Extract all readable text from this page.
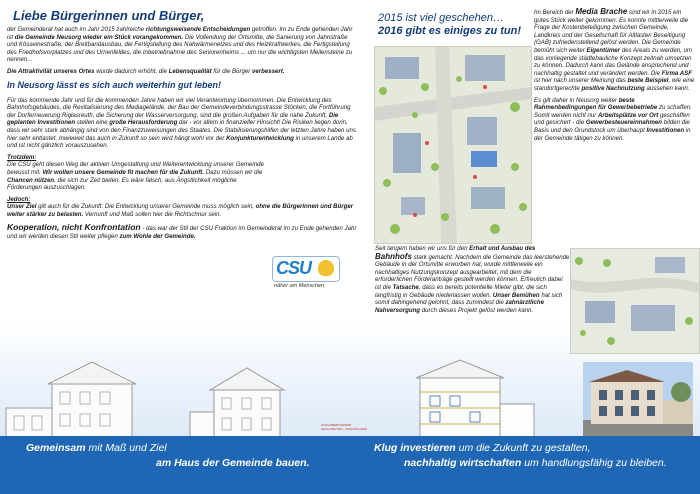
Liebe Bürgerinnen und Bürger,

der Gemeinderat hat auch im Jahr 2015 zahlreiche richtungsweisende Entscheidungen getroffen. Im zu Ende gehenden Jahr ist die Gemeinde Neusorg wieder ein Stück vorangekommen. Die Vollendung der Ortsmitte, die Sanierung von Jahnstraße und Kösseinestraße, der Breitbandausbau, die Fertigstellung des Nahwärmenetzes und des Heizkraftwerkes, die Fertigstellung des Friedhofsvorplatzes und des Urnenfeldes, die Inbetriebnahme des Seniorenheims ... um nur die wichtigsten Meilensteine zu nennen...

Die Attraktivität unseres Ortes wurde dadurch erhöht, die Lebensqualität für die Bürger verbessert.

In Neusorg lässt es sich auch weiterhin gut leben!

Für das kommende Jahr und für die kommenden Jahre haben wir viel Verantwortung übernommen. Die Entwicklung des Bahnhofsgebäudes, die Revitalisierung des Mediagelände, der Bau der Gemeindeverbindungsstrasse Stöcken, die Fortführung der Dorferneuerung Riglasreuth, die Sicherung der Wasserversorgung, sind die großen Aufgaben für die nahe Zukunft. Die geplanten Investitionen stellen eine große Herausforderung dar - vor allem in finanzieller Hinsicht! Die Risiken liegen dorin, dass wir sehr stark abhängig sind von den Finanzzuweisungen des Staates. Die Stabilisierungshilfen der letzten Jahre haben uns hier sehr entlastet. Inwieweit das auch in Zukunft so sein wird hängt wohl vor der Konjunkturentwicklung in unserem Lande ab und ist nicht gänzlich vorauszusehen.

Trotzdem:

Die CSU geht diesen Weg der aktiven Umgestaltung und Weiterentwicklung unserer Gemeinde bewusst mit. Wir wollen unsere Gemeinde fit machen für die Zukunft. Dazu müssen wir die Chancen nützen, die sich zur Zeit bieten. Es wäre falsch, aus Ängstlichkeit mögliche Förderungen auszuschlagen.

Jedoch:

Unser Ziel gilt auch für die Zukunft: Die Entwicklung unserer Gemeinde muss möglich sein, ohne die Bürgerinnen und Bürger weiter stärker zu belasten. Vernunft und Maß sollen hier die Richtschnur sein.

Kooperation, nicht Konfrontation - das war der Stil der CSU Fraktion im Gemeinderat im zu Ende gehenden Jahr und wir werden diesen Stil weiter pflegen zum Wohle der Gemeinde.

CSU
näher am Menschen.
2015 ist viel geschehen…
2016 gibt es einiges zu tun!

Seit langem haben wir uns für den Erhalt und Ausbau des Bahnhofs stark gemacht. Nachdem die Gemeinde das leerstehende Gebäude in der Ortsmitte erworben hat, wurde mittlerweile ein nachhaltiges Nutzungskonzept ausgearbeitet, mit dem die erforderlichen Förderanträge gestellt werden können. Erfreulich dabei ist die Tatsache, dass es bereits potentielle Mieter gibt, die sich langfristig in Gebäude niederlassen wollen. Unser Bemühen hat sich somit dahingehend gelohnt, dass zumindest die zahnärztliche Nahversorgung durch dieses Projekt gelöst werden kann.

Im Bereich der Media Brache sind wir in 2015 ein gutes Stück weiter gekommen. Es konnte mittlerweile die Frage der Kostenbeteiligung zwischen Gemeinde, Landkreis und der Gesellschaft für Altlasten Beseitigung (GAB) zufriedenstellend gelöst werden. Die Gemeinde bemüht sich weiter Eigentümer des Areals zu werden, um das vorliegende städtebauliche Konzept zeitnah umsetzen zu können. Dadurch kann das Gelände ansprechend und nachhaltig gestaltet und verändert werden. Die Firma ASF ist hier nach unserer Meinung das beste Beispiel, wie eine standortgerechte positive Nachnutzung aussehen kann.

Es gilt daher in Neusorg weiter beste Rahmenbedingungen für Gewerbebetriebe zu schaffen. Somit werden nicht nur Arbeitsplätze vor Ort geschaffen und gesichert - die Gewerbesteuereinnahmen bilden die Basis und den Grundstock um überhaupt Investitionen in der Gemeinde tätigen zu können.

HOCHOBERSTEINER
ARCHITEKTEN + STADTPLANER
Gemeinsam mit Maß und Ziel
am Haus der Gemeinde bauen.
Klug investieren um die Zukunft zu gestalten,
nachhaltig wirtschaften um handlungsfähig zu bleiben.
